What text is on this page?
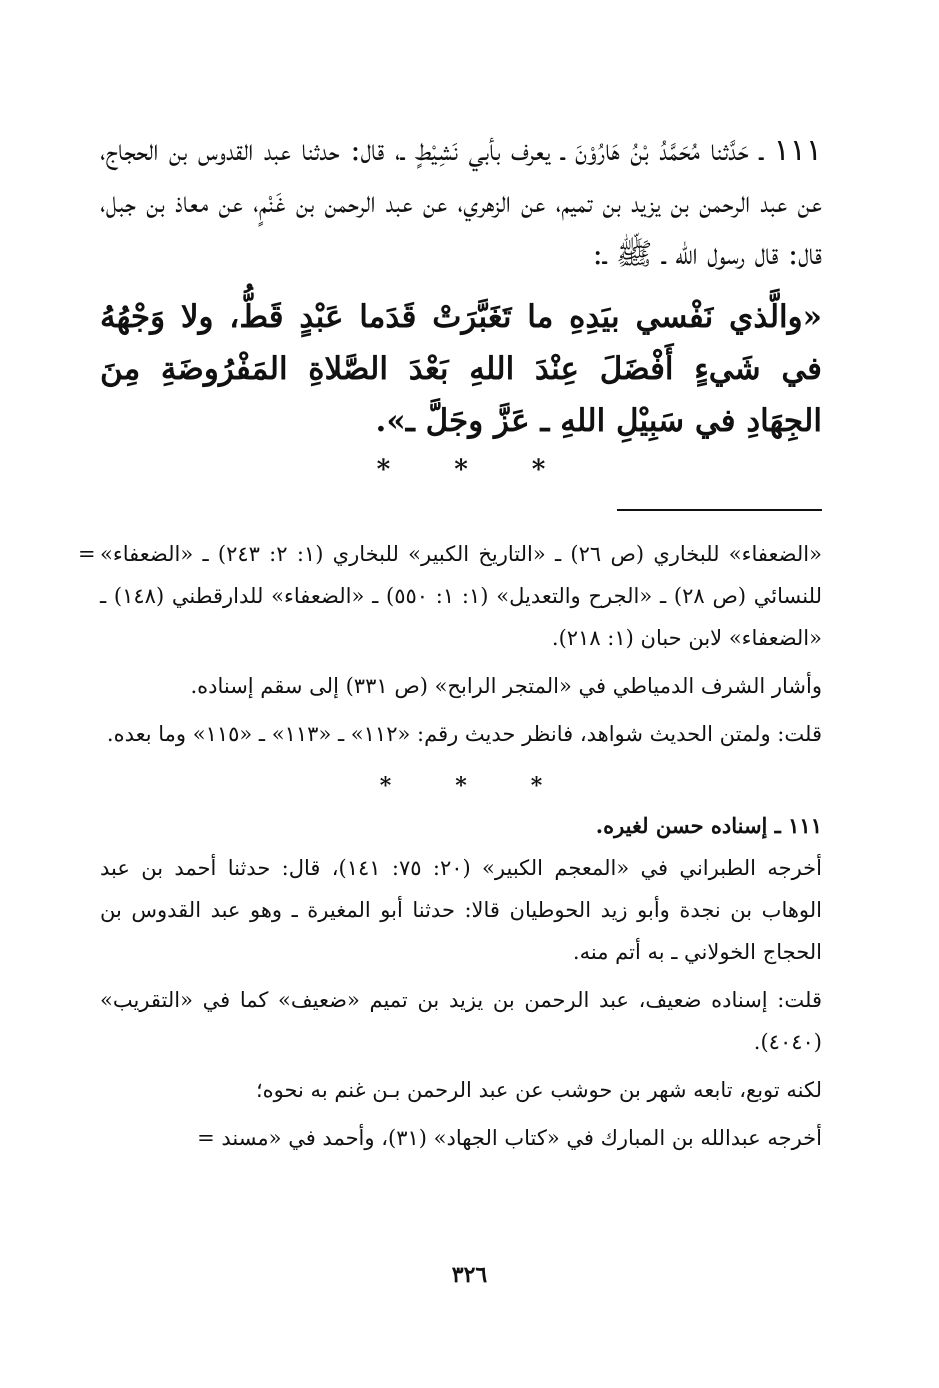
١١١ ـ حَدَّثنا مُحَمَّدُ بْنُ هَارُوْنَ ـ يعرف بأبي نَشِيْطٍ ـ، قال: حدثنا عبد القدوس بن الحجاج، عن عبد الرحمن بن يزيد بن تميم، عن الزهري، عن عبد الرحمن بن غَنْمٍ، عن معاذ بن جبل، قال: قال رسول الله ـ ﷺ ـ:

«والَّذي نَفْسي بيَدِهِ ما تَغَبَّرَتْ قَدَما عَبْدٍ قَطُّ، ولا وَجْهُهُ في شَيءٍ أَفْضَلَ عِنْدَ اللهِ بَعْدَ الصَّلاةِ المَفْرُوضَةِ مِنَ الجِهَادِ في سَبِيْلِ اللهِ ـ عَزَّ وجَلَّ ـ».

* * *
= «الضعفاء» للبخاري (ص ٢٦) ـ «التاريخ الكبير» للبخاري (١: ٢: ٢٤٣) ـ «الضعفاء» للنسائي (ص ٢٨) ـ «الجرح والتعديل» (١: ١: ٥٥٠) ـ «الضعفاء» للدارقطني (١٤٨) ـ «الضعفاء» لابن حبان (١: ٢١٨).

وأشار الشرف الدمياطي في «المتجر الرابح» (ص ٣٣١) إلى سقم إسناده.

قلت: ولمتن الحديث شواهد، فانظر حديث رقم: «١١٢» ـ «١١٣» ـ «١١٥» وما بعده.

*	*	*

١١١ ـ إسناده حسن لغيره.

أخرجه الطبراني في «المعجم الكبير» (٢٠: ٧٥: ١٤١)، قال: حدثنا أحمد بن عبد الوهاب بن نجدة وأبو زيد الحوطيان قالا: حدثنا أبو المغيرة ـ وهو عبد القدوس بن الحجاج الخولاني ـ به أتم منه.

قلت: إسناده ضعيف، عبد الرحمن بن يزيد بن تميم «ضعيف» كما في «التقريب» (٤٠٤٠).

لكنه توبع، تابعه شهر بن حوشب عن عبد الرحمن بـن غنم به نحوه؛

أخرجه عبدالله بن المبارك في «كتاب الجهاد» (٣١)، وأحمد في «مسند =

٣٢٦
